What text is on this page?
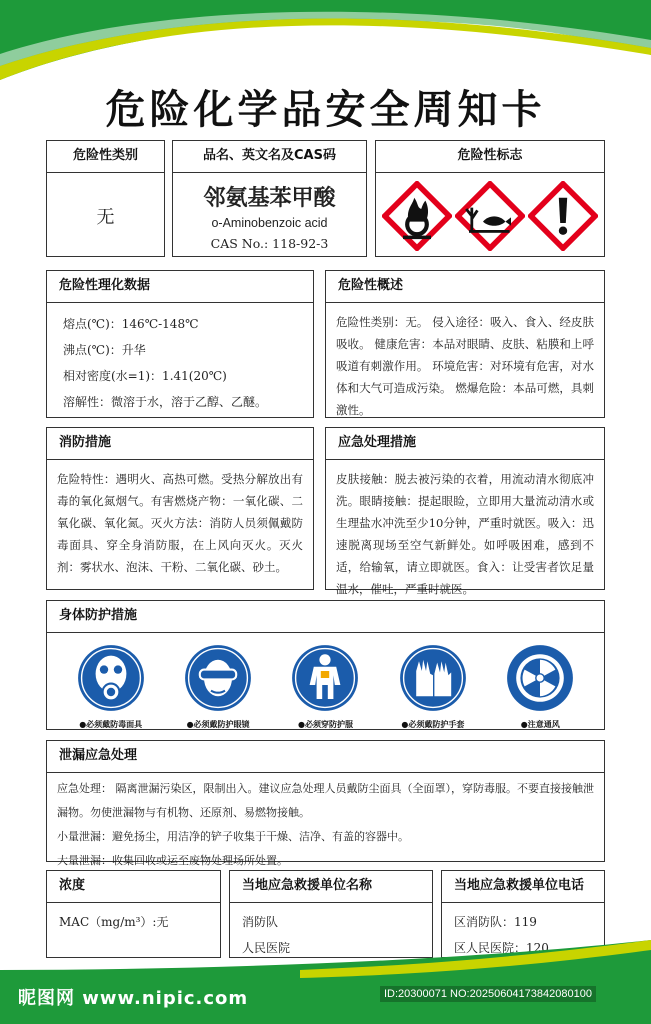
危险化学品安全周知卡
危险性类别
无
品名、英文名及CAS码
邻氨基苯甲酸
o-Aminobenzoic acid
CAS No.: 118-92-3
危险性标志
危险性理化数据
熔点(℃)：146℃-148℃
沸点(℃)：升华
相对密度(水=1)：1.41(20℃)
溶解性：微溶于水，溶于乙醇、乙醚。
危险性概述
危险性类别：无。 侵入途径：吸入、食入、经皮肤吸收。 健康危害：本品对眼睛、皮肤、粘膜和上呼吸道有刺激作用。 环境危害：对环境有危害，对水体和大气可造成污染。 燃爆危险：本品可燃，具刺激性。
消防措施
危险特性：遇明火、高热可燃。受热分解放出有毒的氧化氮烟气。有害燃烧产物：一氧化碳、二氧化碳、氧化氮。灭火方法：消防人员须佩戴防毒面具、穿全身消防服，在上风向灭火。灭火剂：雾状水、泡沫、干粉、二氧化碳、砂土。
应急处理措施
皮肤接触：脱去被污染的衣着，用流动清水彻底冲洗。眼睛接触：提起眼睑，立即用大量流动清水或生理盐水冲洗至少10分钟，严重时就医。吸入：迅速脱离现场至空气新鲜处。如呼吸困难，感到不适，给输氧，请立即就医。食入：让受害者饮足量温水，催吐，严重时就医。
身体防护措施
●必须戴防毒面具	●必须戴防护眼镜	●必须穿防护服	●必须戴防护手套	●注意通风
泄漏应急处理
应急处理： 隔离泄漏污染区，限制出入。建议应急处理人员戴防尘面具（全面罩），穿防毒服。不要直接接触泄漏物。勿使泄漏物与有机物、还原剂、易燃物接触。
小量泄漏：避免扬尘，用洁净的铲子收集于干燥、洁净、有盖的容器中。
大量泄漏：收集回收或运至废物处理场所处置。
浓度
MAC（mg/m³）:无
当地应急救援单位名称
消防队
人民医院
当地应急救援单位电话
区消防队：119
区人民医院：120
昵图网 www.nipic.com	ID:20300071 NO:20250604173842080100
